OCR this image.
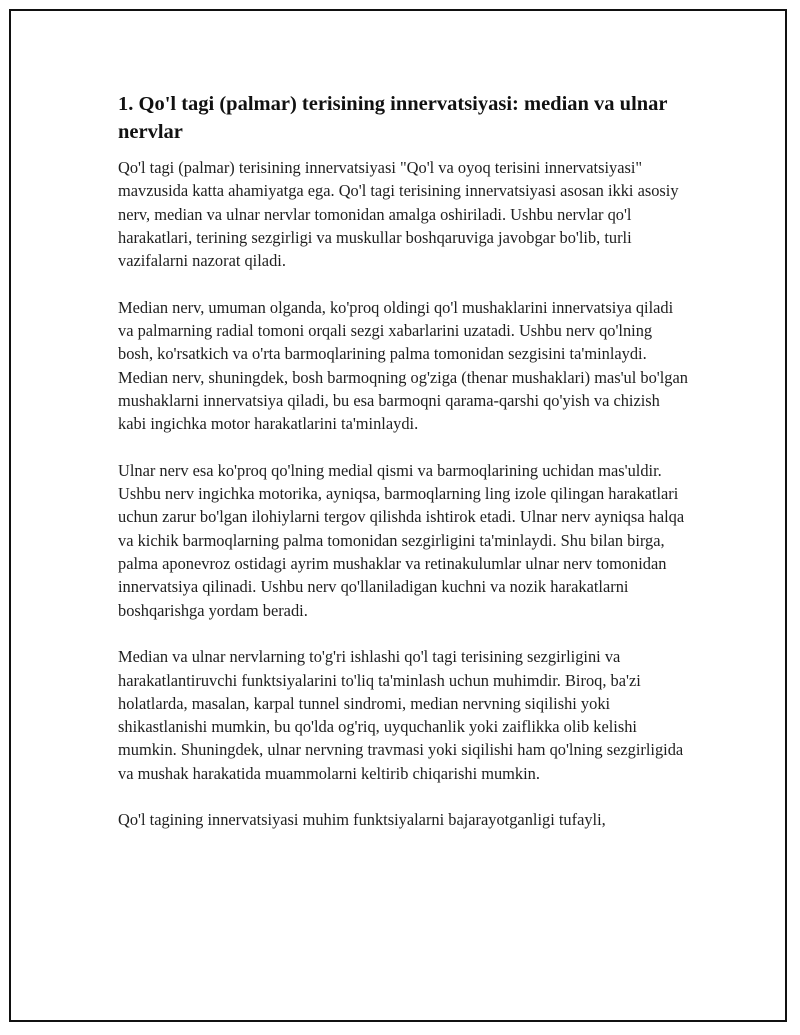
1. Qo'l tagi (palmar) terisining innervatsiyasi: median va ulnar nervlar

Qo'l tagi (palmar) terisining innervatsiyasi "Qo'l va oyoq terisini innervatsiyasi" mavzusida katta ahamiyatga ega. Qo'l tagi terisining innervatsiyasi asosan ikki asosiy nerv, median va ulnar nervlar tomonidan amalga oshiriladi. Ushbu nervlar qo'l harakatlari, terining sezgirligi va muskullar boshqaruviga javobgar bo'lib, turli vazifalarni nazorat qiladi.

Median nerv, umuman olganda, ko'proq oldingi qo'l mushaklarini innervatsiya qiladi va palmarning radial tomoni orqali sezgi xabarlarini uzatadi. Ushbu nerv qo'lning bosh, ko'rsatkich va o'rta barmoqlarining palma tomonidan sezgisini ta'minlaydi. Median nerv, shuningdek, bosh barmoqning og'ziga (thenar mushaklari) mas'ul bo'lgan mushaklarni innervatsiya qiladi, bu esa barmoqni qarama-qarshi qo'yish va chizish kabi ingichka motor harakatlarini ta'minlaydi.

Ulnar nerv esa ko'proq qo'lning medial qismi va barmoqlarining uchidan mas'uldir. Ushbu nerv ingichka motorika, ayniqsa, barmoqlarning ling izole qilingan harakatlari uchun zarur bo'lgan ilohiylarni tergov qilishda ishtirok etadi. Ulnar nerv ayniqsa halqa va kichik barmoqlarning palma tomonidan sezgirligini ta'minlaydi. Shu bilan birga, palma aponevroz ostidagi ayrim mushaklar va retinakulumlar ulnar nerv tomonidan innervatsiya qilinadi. Ushbu nerv qo'llaniladigan kuchni va nozik harakatlarni boshqarishga yordam beradi.

Median va ulnar nervlarning to'g'ri ishlashi qo'l tagi terisining sezgirligini va harakatlantiruvchi funktsiyalarini to'liq ta'minlash uchun muhimdir. Biroq, ba'zi holatlarda, masalan, karpal tunnel sindromi, median nervning siqilishi yoki shikastlanishi mumkin, bu qo'lda og'riq, uyquchanlik yoki zaiflikka olib kelishi mumkin. Shuningdek, ulnar nervning travmasi yoki siqilishi ham qo'lning sezgirligida va mushak harakatida muammolarni keltirib chiqarishi mumkin.

Qo'l tagining innervatsiyasi muhim funktsiyalarni bajarayotganligi tufayli,
